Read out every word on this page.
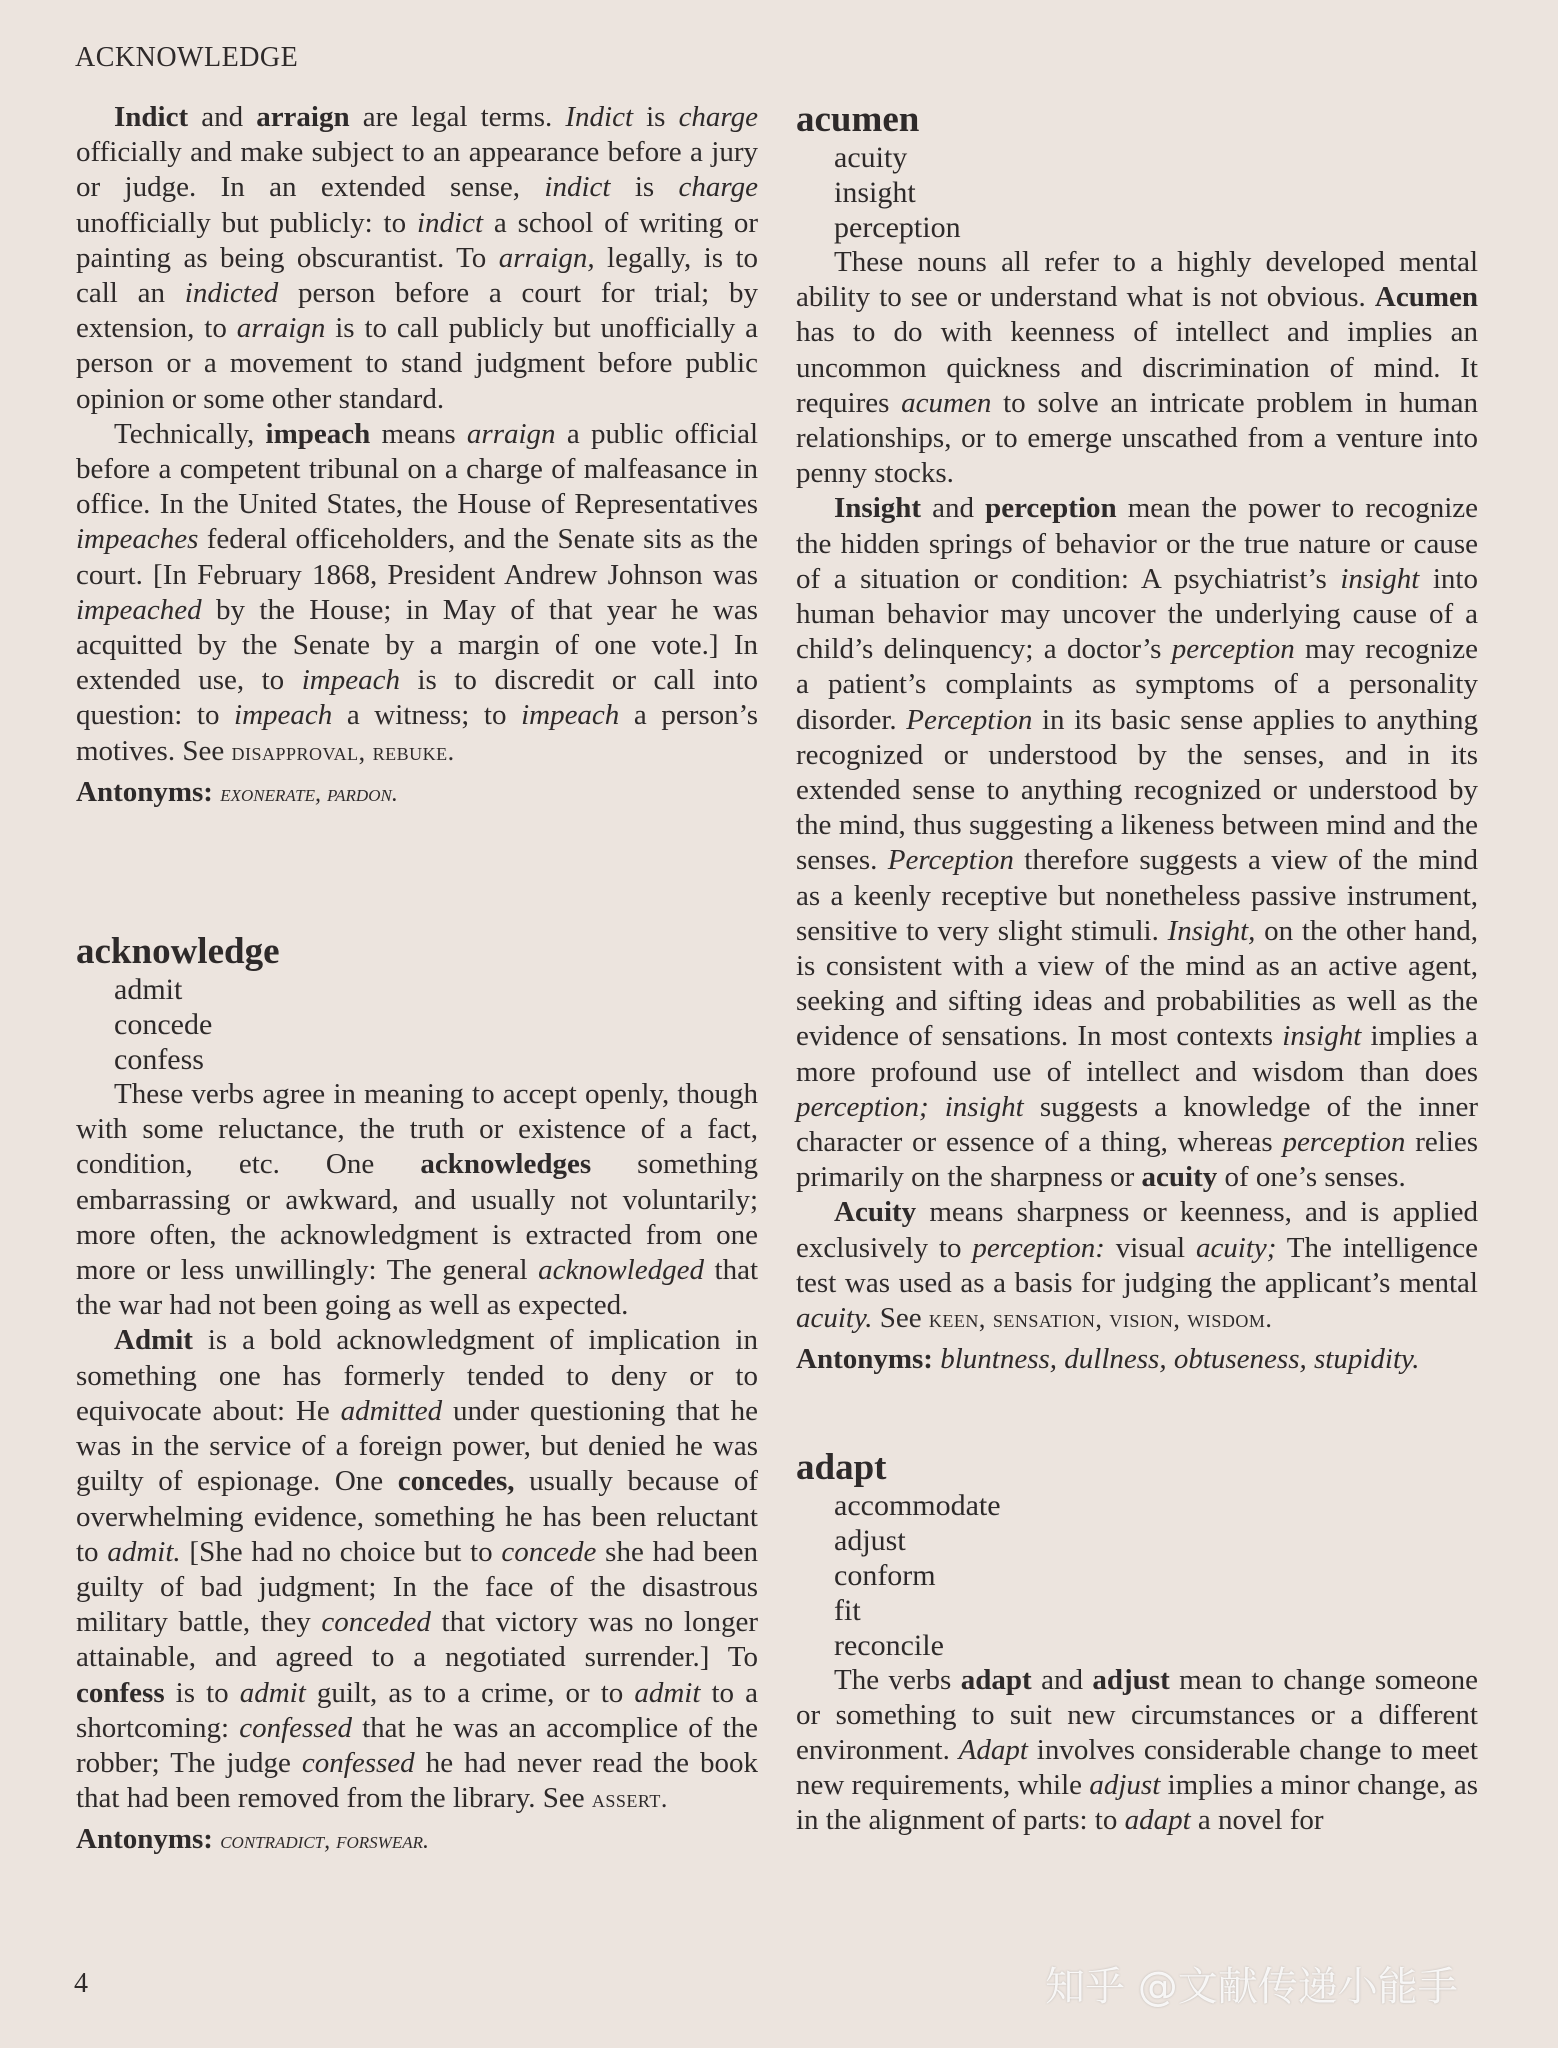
ACKNOWLEDGE

Indict and arraign are legal terms. Indict is charge officially and make subject to an appearance before a jury or judge. In an extended sense, indict is charge unofficially but publicly: to indict a school of writing or painting as being obscurantist. To arraign, legally, is to call an indicted person before a court for trial; by extension, to arraign is to call publicly but unofficially a person or a movement to stand judgment before public opinion or some other standard.

Technically, impeach means arraign a public official before a competent tribunal on a charge of malfeasance in office. In the United States, the House of Representatives impeaches federal officeholders, and the Senate sits as the court. [In February 1868, President Andrew Johnson was impeached by the House; in May of that year he was acquitted by the Senate by a margin of one vote.] In extended use, to impeach is to discredit or call into question: to impeach a witness; to impeach a person’s motives. See disapproval, rebuke.

Antonyms: exonerate, pardon.

acknowledge
admit
concede
confess

These verbs agree in meaning to accept openly, though with some reluctance, the truth or existence of a fact, condition, etc. One acknowledges something embarrassing or awkward, and usually not voluntarily; more often, the acknowledgment is extracted from one more or less unwillingly: The general acknowledged that the war had not been going as well as expected.

Admit is a bold acknowledgment of implication in something one has formerly tended to deny or to equivocate about: He admitted under questioning that he was in the service of a foreign power, but denied he was guilty of espionage. One concedes, usually because of overwhelming evidence, something he has been reluctant to admit. [She had no choice but to concede she had been guilty of bad judgment; In the face of the disastrous military battle, they conceded that victory was no longer attainable, and agreed to a negotiated surrender.] To confess is to admit guilt, as to a crime, or to admit to a shortcoming: confessed that he was an accomplice of the robber; The judge confessed he had never read the book that had been removed from the library. See assert.

Antonyms: contradict, forswear.

acumen
acuity
insight
perception

These nouns all refer to a highly developed mental ability to see or understand what is not obvious. Acumen has to do with keenness of intellect and implies an uncommon quickness and discrimination of mind. It requires acumen to solve an intricate problem in human relationships, or to emerge unscathed from a venture into penny stocks.

Insight and perception mean the power to recognize the hidden springs of behavior or the true nature or cause of a situation or condition: A psychiatrist’s insight into human behavior may uncover the underlying cause of a child’s delinquency; a doctor’s perception may recognize a patient’s complaints as symptoms of a personality disorder. Perception in its basic sense applies to anything recognized or understood by the senses, and in its extended sense to anything recognized or understood by the mind, thus suggesting a likeness between mind and the senses. Perception therefore suggests a view of the mind as a keenly receptive but nonetheless passive instrument, sensitive to very slight stimuli. Insight, on the other hand, is consistent with a view of the mind as an active agent, seeking and sifting ideas and probabilities as well as the evidence of sensations. In most contexts insight implies a more profound use of intellect and wisdom than does perception; insight suggests a knowledge of the inner character or essence of a thing, whereas perception relies primarily on the sharpness or acuity of one’s senses.

Acuity means sharpness or keenness, and is applied exclusively to perception: visual acuity; The intelligence test was used as a basis for judging the applicant’s mental acuity. See keen, sensation, vision, wisdom.

Antonyms: bluntness, dullness, obtuseness, stupidity.

adapt
accommodate
adjust
conform
fit
reconcile

The verbs adapt and adjust mean to change someone or something to suit new circumstances or a different environment. Adapt involves considerable change to meet new requirements, while adjust implies a minor change, as in the alignment of parts: to adapt a novel for

4	知乎 @文献传递小能手
